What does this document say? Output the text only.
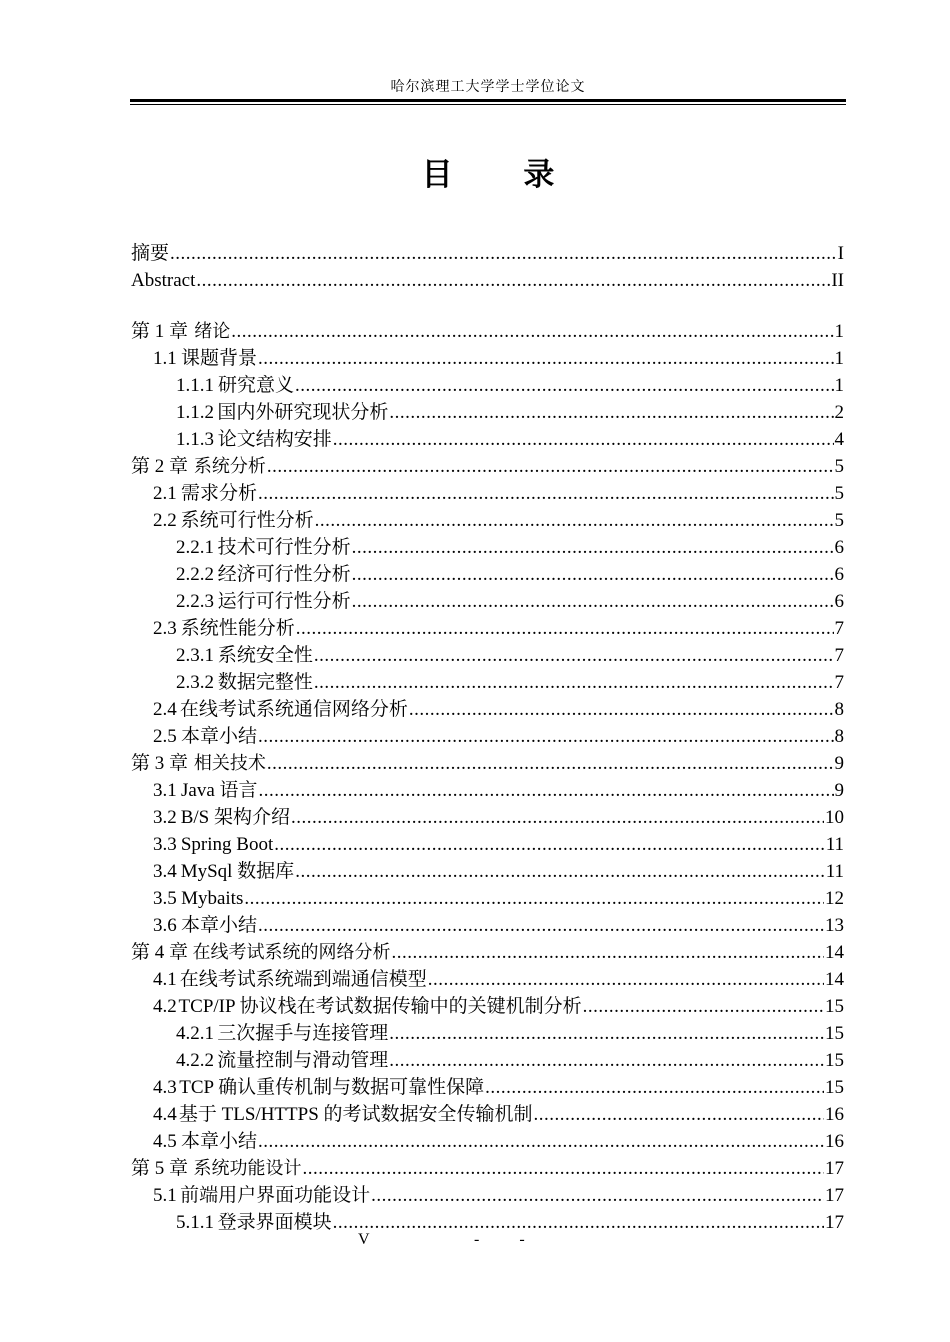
哈尔滨理工大学学士学位论文
目 录
摘要 .....	I
Abstract .....	II
第 1 章 绪论 .....	1
1.1 课题背景 .....	1
1.1.1 研究意义 .....	1
1.1.2 国内外研究现状分析 .....	2
1.1.3 论文结构安排 .....	4
第 2 章 系统分析 .....	5
2.1 需求分析 .....	5
2.2 系统可行性分析 .....	5
2.2.1 技术可行性分析 .....	6
2.2.2 经济可行性分析 .....	6
2.2.3 运行可行性分析 .....	6
2.3 系统性能分析 .....	7
2.3.1 系统安全性 .....	7
2.3.2 数据完整性 .....	7
2.4 在线考试系统通信网络分析 .....	8
2.5 本章小结 .....	8
第 3 章 相关技术 .....	9
3.1 Java 语言 .....	9
3.2 B/S 架构介绍 .....	10
3.3 Spring Boot .....	11
3.4 MySql 数据库 .....	11
3.5 Mybaits .....	12
3.6 本章小结 .....	13
第 4 章 在线考试系统的网络分析 .....	14
4.1 在线考试系统端到端通信模型 .....	14
4.2 TCP/IP 协议栈在考试数据传输中的关键机制分析 .....	15
4.2.1 三次握手与连接管理 .....	15
4.2.2 流量控制与滑动管理 .....	15
4.3 TCP 确认重传机制与数据可靠性保障 .....	15
4.4 基于 TLS/HTTPS 的考试数据安全传输机制 .....	16
4.5 本章小结 .....	16
第 5 章 系统功能设计 .....	17
5.1 前端用户界面功能设计 .....	17
5.1.1 登录界面模块 .....	17
V	- -
